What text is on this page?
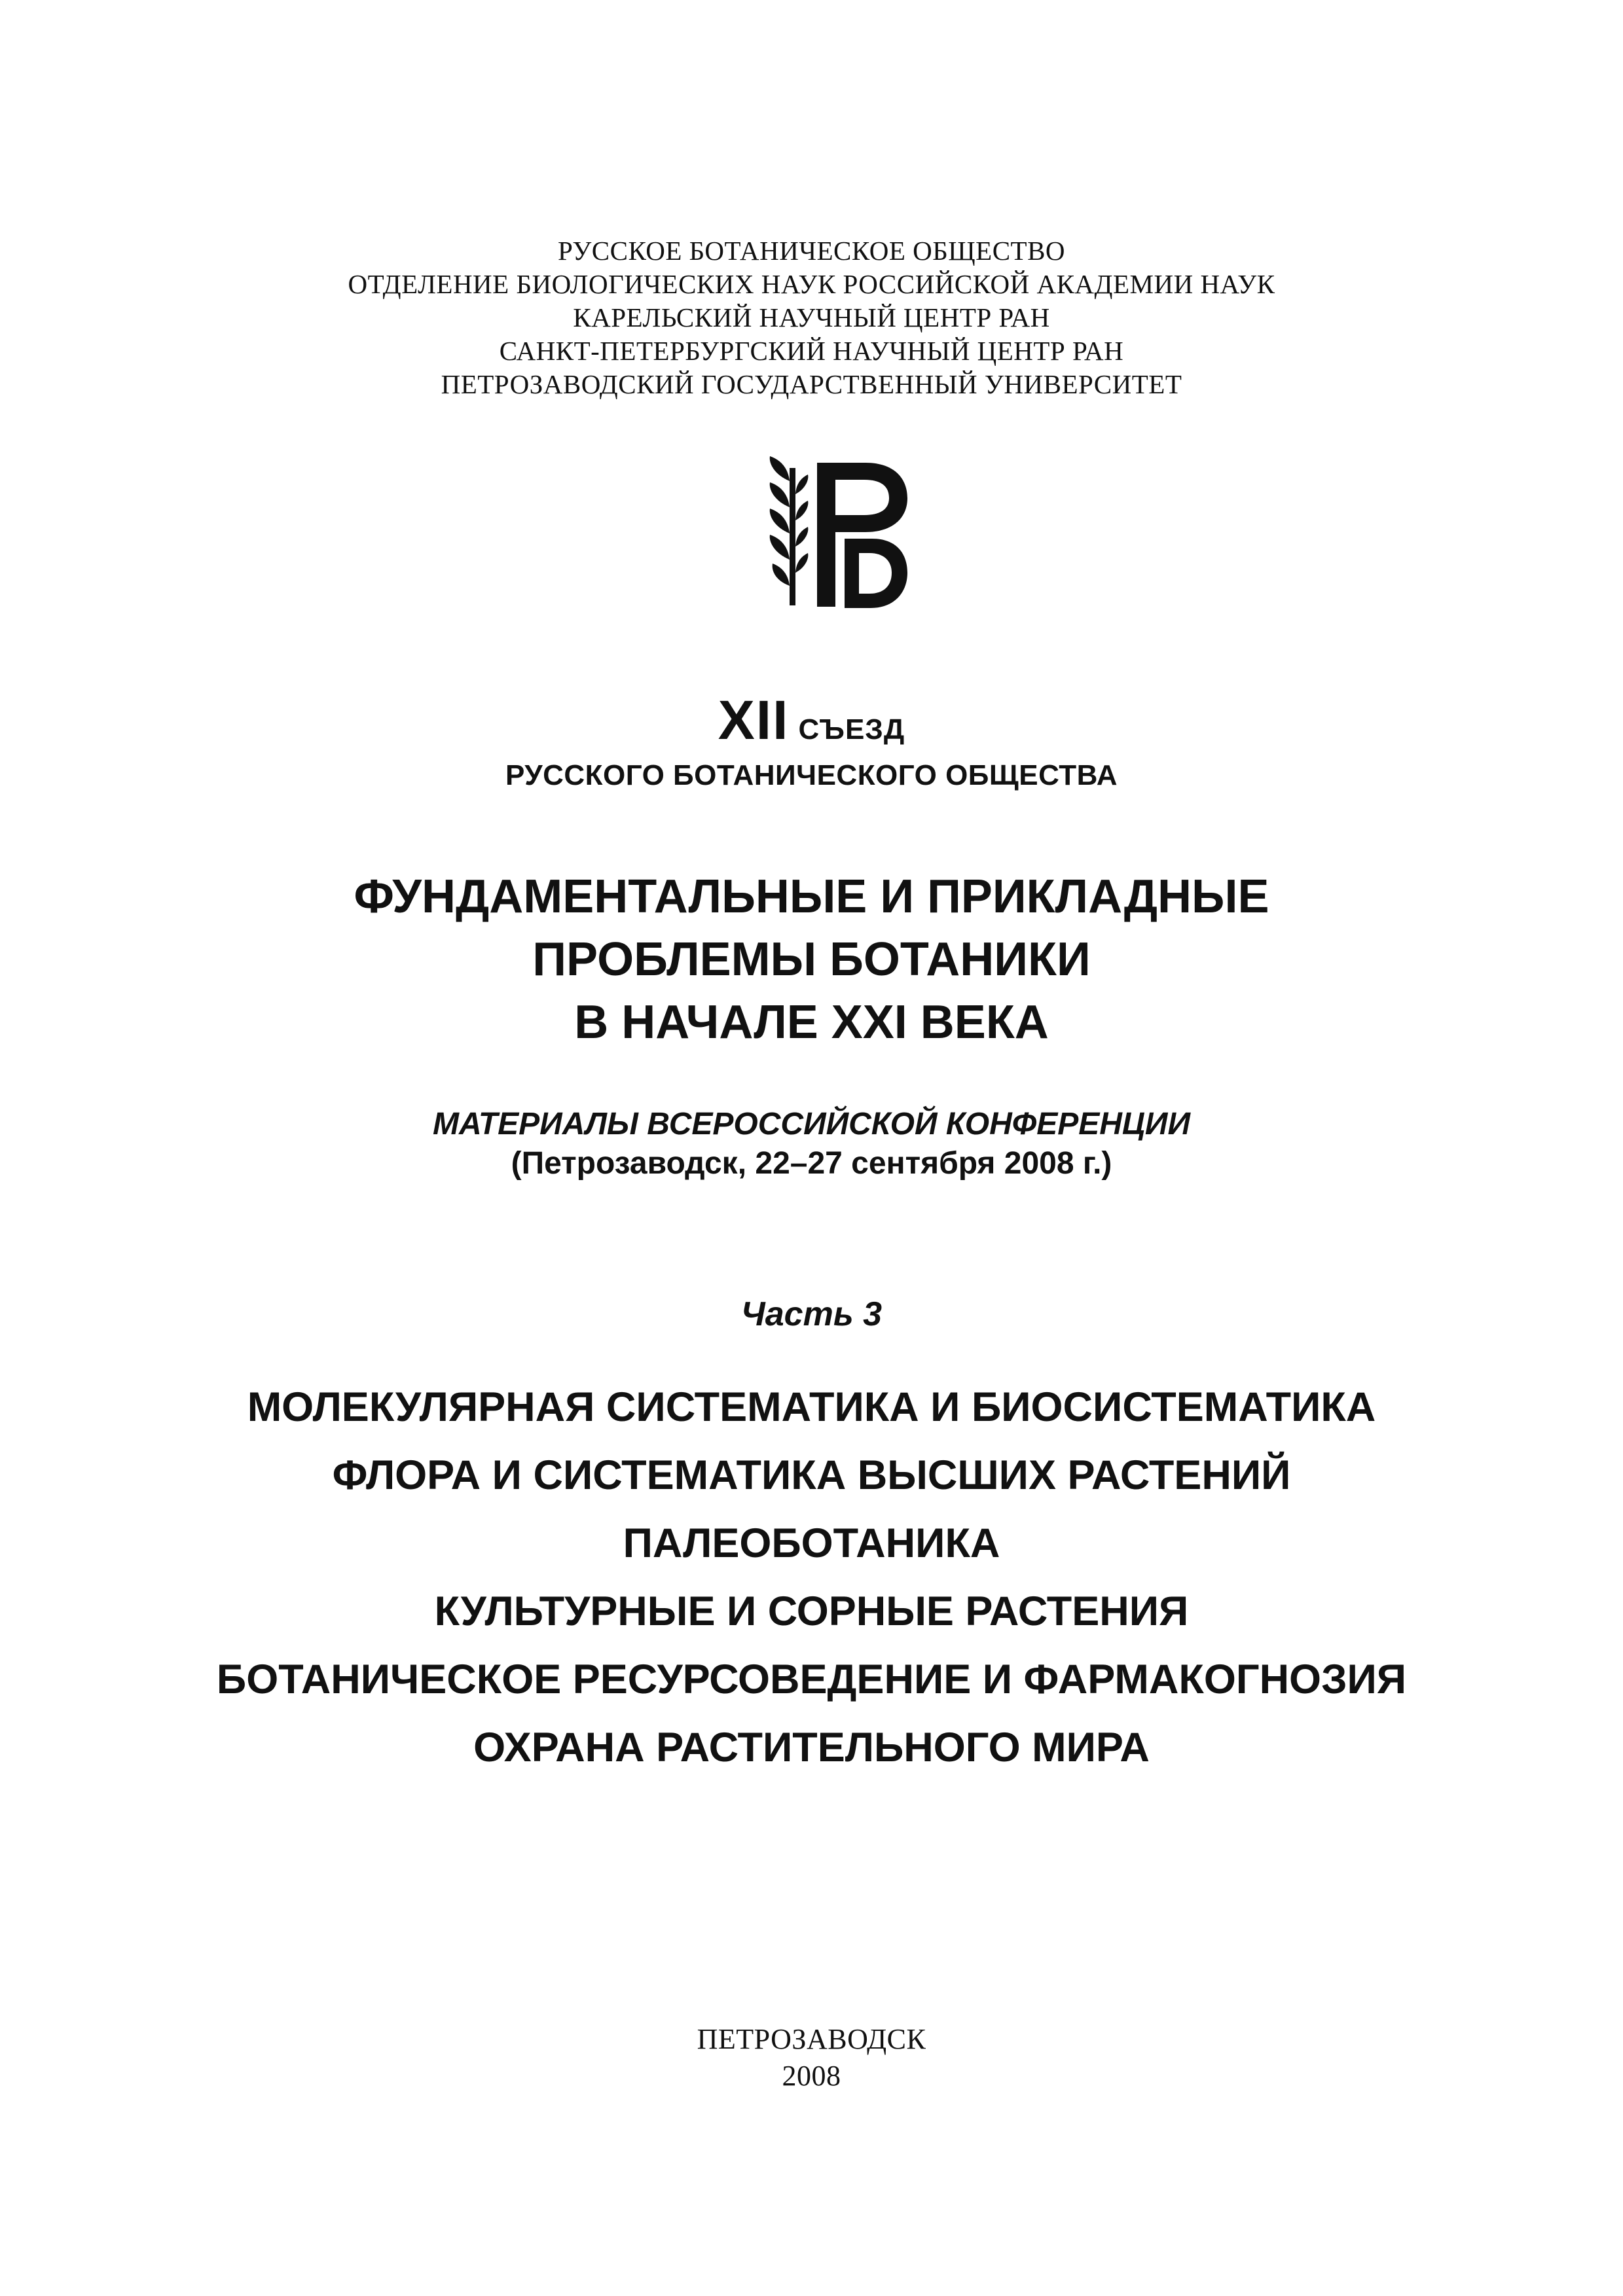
РУССКОЕ БОТАНИЧЕСКОЕ ОБЩЕСТВО
ОТДЕЛЕНИЕ БИОЛОГИЧЕСКИХ НАУК РОССИЙСКОЙ АКАДЕМИИ НАУК
КАРЕЛЬСКИЙ НАУЧНЫЙ ЦЕНТР РАН
САНКТ-ПЕТЕРБУРГСКИЙ НАУЧНЫЙ ЦЕНТР РАН
ПЕТРОЗАВОДСКИЙ ГОСУДАРСТВЕННЫЙ УНИВЕРСИТЕТ
XII СЪЕЗД
РУССКОГО БОТАНИЧЕСКОГО ОБЩЕСТВА
ФУНДАМЕНТАЛЬНЫЕ И ПРИКЛАДНЫЕ
ПРОБЛЕМЫ БОТАНИКИ
В НАЧАЛЕ XXI ВЕКА
МАТЕРИАЛЫ ВСЕРОССИЙСКОЙ КОНФЕРЕНЦИИ
(Петрозаводск, 22–27 сентября 2008 г.)
Часть 3
МОЛЕКУЛЯРНАЯ СИСТЕМАТИКА И БИОСИСТЕМАТИКА
ФЛОРА И СИСТЕМАТИКА ВЫСШИХ РАСТЕНИЙ
ПАЛЕОБОТАНИКА
КУЛЬТУРНЫЕ И СОРНЫЕ РАСТЕНИЯ
БОТАНИЧЕСКОЕ РЕСУРСОВЕДЕНИЕ И ФАРМАКОГНОЗИЯ
ОХРАНА РАСТИТЕЛЬНОГО МИРА
ПЕТРОЗАВОДСК
2008
